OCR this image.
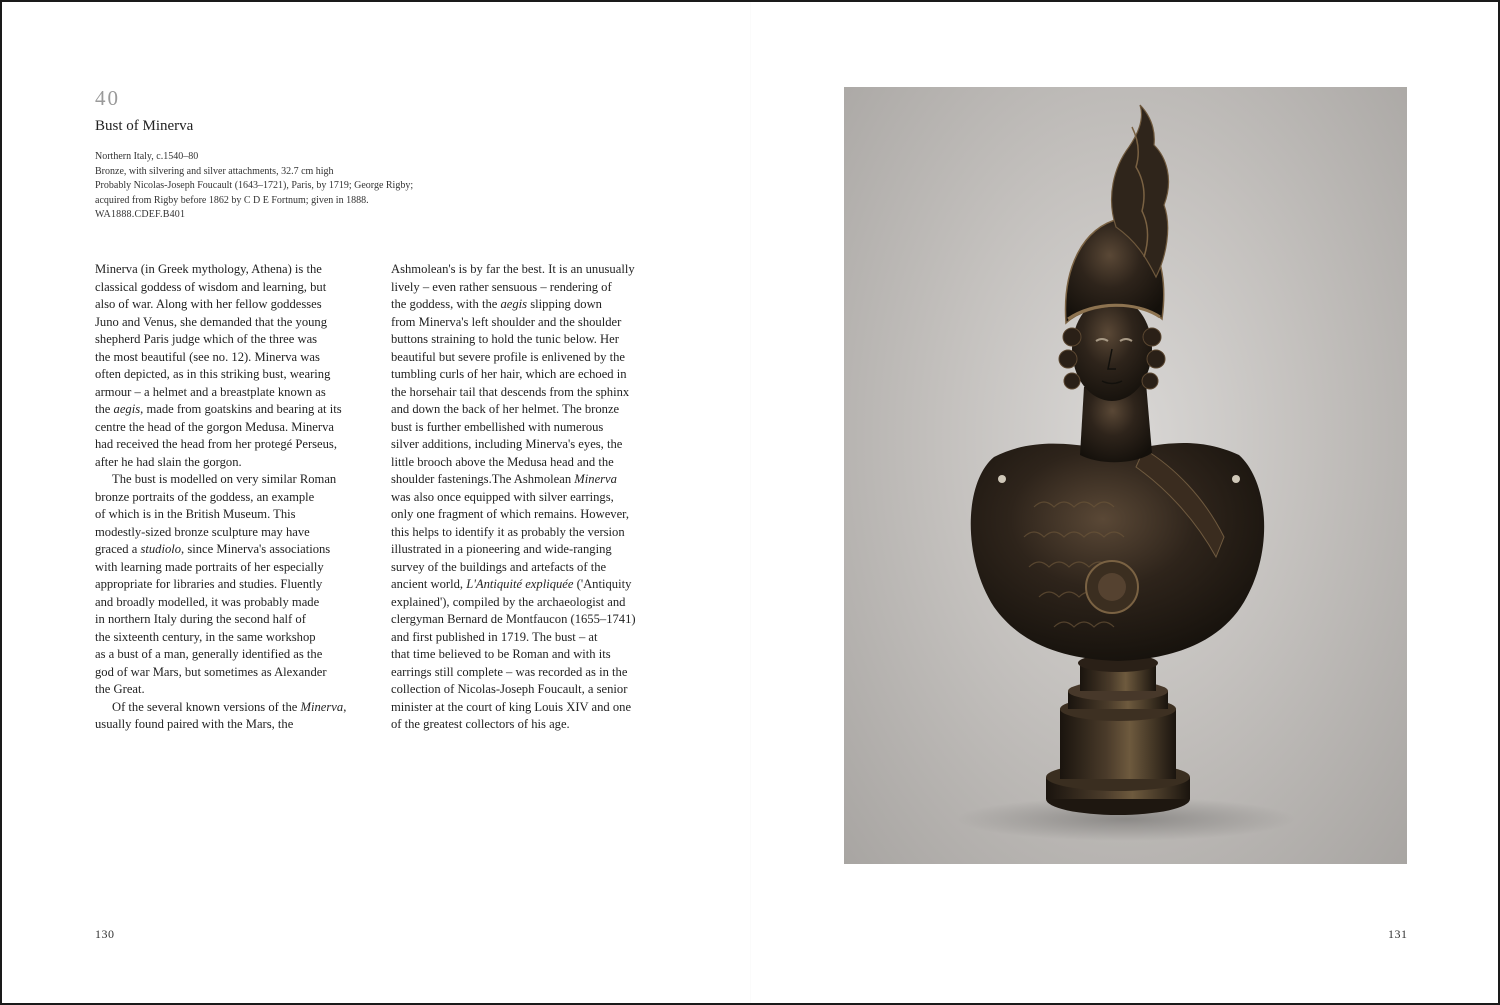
40
Bust of Minerva
Northern Italy, c.1540–80
Bronze, with silvering and silver attachments, 32.7 cm high
Probably Nicolas-Joseph Foucault (1643–1721), Paris, by 1719; George Rigby;
acquired from Rigby before 1862 by C D E Fortnum; given in 1888.
WA1888.CDEF.B401
Minerva (in Greek mythology, Athena) is the
classical goddess of wisdom and learning, but
also of war. Along with her fellow goddesses
Juno and Venus, she demanded that the young
shepherd Paris judge which of the three was
the most beautiful (see no. 12). Minerva was
often depicted, as in this striking bust, wearing
armour – a helmet and a breastplate known as
the aegis, made from goatskins and bearing at its
centre the head of the gorgon Medusa. Minerva
had received the head from her protegé Perseus,
after he had slain the gorgon.
The bust is modelled on very similar Roman
bronze portraits of the goddess, an example
of which is in the British Museum. This
modestly-sized bronze sculpture may have
graced a studiolo, since Minerva's associations
with learning made portraits of her especially
appropriate for libraries and studies. Fluently
and broadly modelled, it was probably made
in northern Italy during the second half of
the sixteenth century, in the same workshop
as a bust of a man, generally identified as the
god of war Mars, but sometimes as Alexander
the Great.
Of the several known versions of the Minerva,
usually found paired with the Mars, the
Ashmolean's is by far the best. It is an unusually
lively – even rather sensuous – rendering of
the goddess, with the aegis slipping down
from Minerva's left shoulder and the shoulder
buttons straining to hold the tunic below. Her
beautiful but severe profile is enlivened by the
tumbling curls of her hair, which are echoed in
the horsehair tail that descends from the sphinx
and down the back of her helmet. The bronze
bust is further embellished with numerous
silver additions, including Minerva's eyes, the
little brooch above the Medusa head and the
shoulder fastenings.The Ashmolean Minerva
was also once equipped with silver earrings,
only one fragment of which remains. However,
this helps to identify it as probably the version
illustrated in a pioneering and wide-ranging
survey of the buildings and artefacts of the
ancient world, L'Antiquité expliquée ('Antiquity
explained'), compiled by the archaeologist and
clergyman Bernard de Montfaucon (1655–1741)
and first published in 1719. The bust – at
that time believed to be Roman and with its
earrings still complete – was recorded as in the
collection of Nicolas-Joseph Foucault, a senior
minister at the court of king Louis XIV and one
of the greatest collectors of his age.
130	131
